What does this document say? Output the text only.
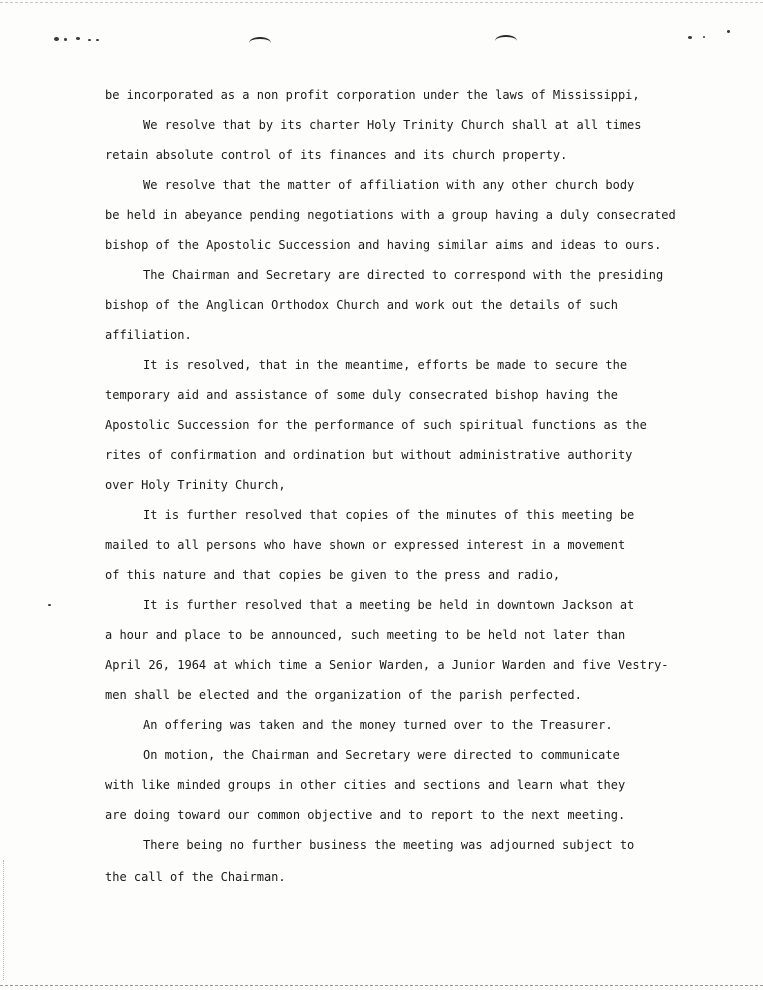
be incorporated as a non profit corporation under the laws of Mississippi,
We resolve that by its charter Holy Trinity Church shall at all times
retain absolute control of its finances and its church property.
We resolve that the matter of affiliation with any other church body
be held in abeyance pending negotiations with a group having a duly consecrated
bishop of the Apostolic Succession and having similar aims and ideas to ours.
The Chairman and Secretary are directed to correspond with the presiding
bishop of the Anglican Orthodox Church and work out the details of such
affiliation.
It is resolved, that in the meantime, efforts be made to secure the
temporary aid and assistance of some duly consecrated bishop having the
Apostolic Succession for the performance of such spiritual functions as the
rites of confirmation and ordination but without administrative authority
over Holy Trinity Church,
It is further resolved that copies of the minutes of this meeting be
mailed to all persons who have shown or expressed interest in a movement
of this nature and that copies be given to the press and radio,
It is further resolved that a meeting be held in downtown Jackson at
a hour and place to be announced, such meeting to be held not later than
April 26, 1964 at which time a Senior Warden, a Junior Warden and five Vestry-
men shall be elected and the organization of the parish perfected.
An offering was taken and the money turned over to the Treasurer.
On motion, the Chairman and Secretary were directed to communicate
with like minded groups in other cities and sections and learn what they
are doing toward our common objective and to report to the next meeting.
There being no further business the meeting was adjourned subject to
the call of the Chairman.
